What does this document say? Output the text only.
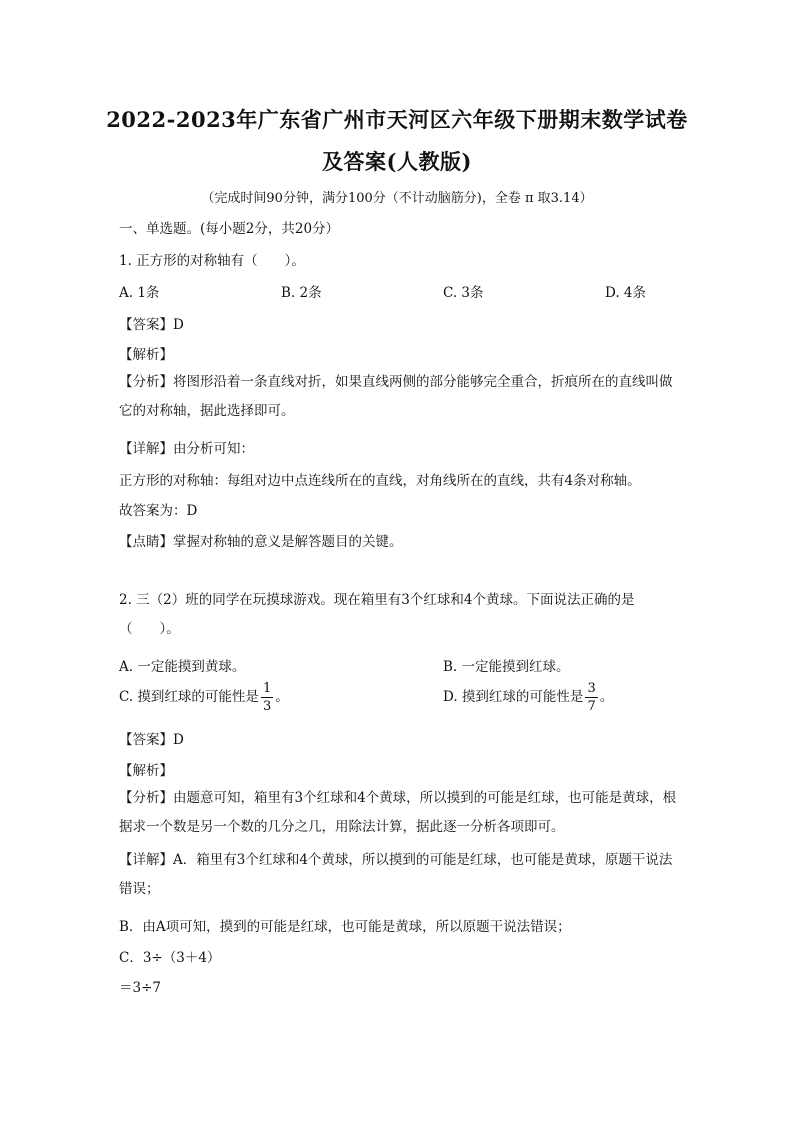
2022-2023年广东省广州市天河区六年级下册期末数学试卷
及答案(人教版)
（完成时间90分钟，满分100分（不计动脑筋分)，全卷 π 取3.14）
一、单选题。(每小题2分，共20分）
1. 正方形的对称轴有（　　）。
A. 1条	B. 2条	C. 3条	D. 4条
【答案】D
【解析】
【分析】将图形沿着一条直线对折，如果直线两侧的部分能够完全重合，折痕所在的直线叫做它的对称轴，据此选择即可。
【详解】由分析可知：
正方形的对称轴：每组对边中点连线所在的直线，对角线所在的直线，共有4条对称轴。
故答案为：D
【点睛】掌握对称轴的意义是解答题目的关键。
2. 三（2）班的同学在玩摸球游戏。现在箱里有3个红球和4个黄球。下面说法正确的是（　　）。
A. 一定能摸到黄球。	B. 一定能摸到红球。
C. 摸到红球的可能性是 $\frac{1}{3}$ 。	D. 摸到红球的可能性是 $\frac{3}{7}$ 。
【答案】D
【解析】
【分析】由题意可知，箱里有3个红球和4个黄球，所以摸到的可能是红球，也可能是黄球，根据求一个数是另一个数的几分之几，用除法计算，据此逐一分析各项即可。
【详解】A．箱里有3个红球和4个黄球，所以摸到的可能是红球，也可能是黄球，原题干说法错误；
B．由A项可知，摸到的可能是红球，也可能是黄球，所以原题干说法错误；
C．3÷（3＋4）
＝3÷7
